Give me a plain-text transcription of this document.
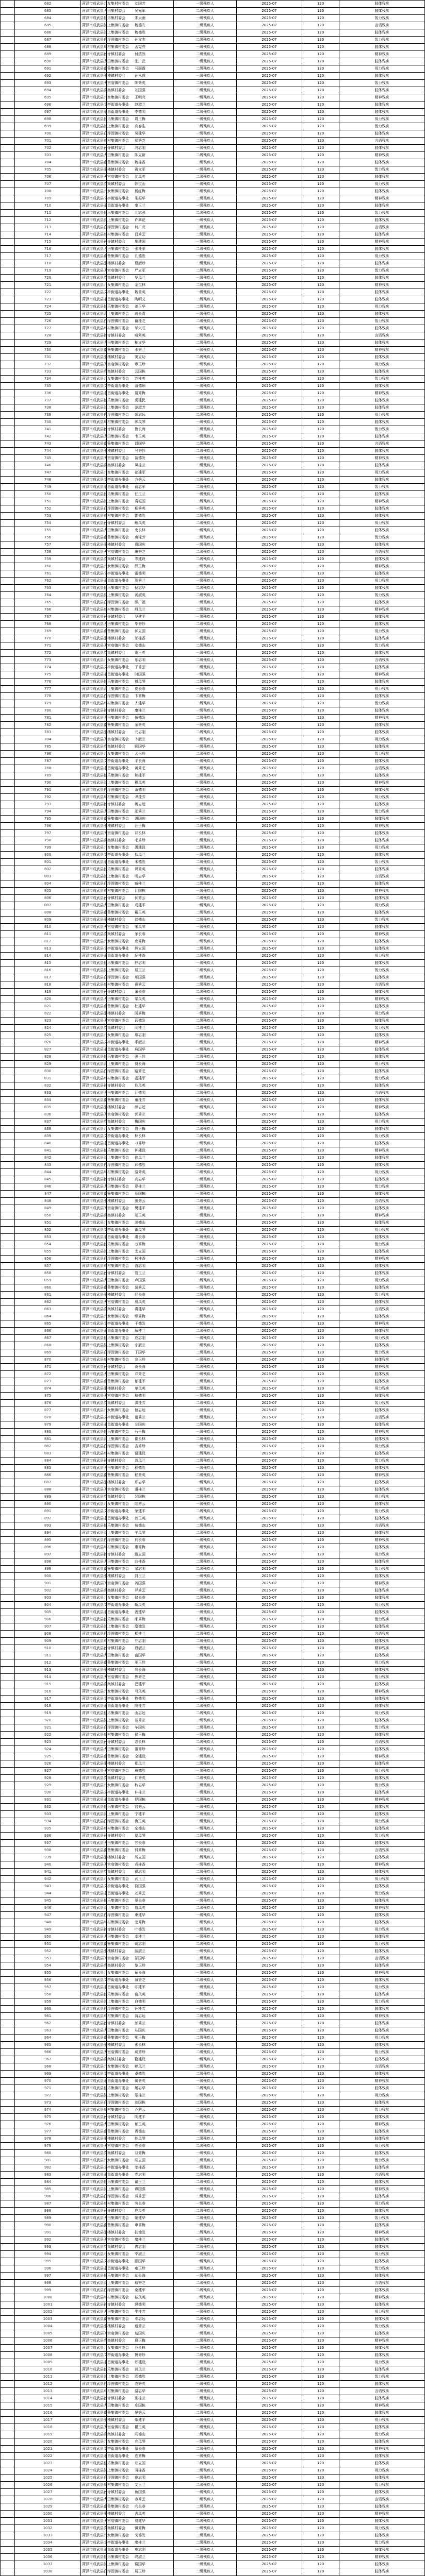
	682	菏泽市成武县九女集村村委会	刘国芳	一级残疾人	2025-07	120	肢体残疾
	683	菏泽市成武县大田集村委会	吴光军	二级残疾人	2025-07	120	肢体残疾
	684	菏泽市成武县伯乐集村委会	朱大雨	一级残疾人	2025-07	120	智力残疾
	685	菏泽市成武县汶上集镇村委会	魏德安	二级残疾人	2025-07	120	言语残疾
	686	菏泽市成武县汶上集镇村委会	魏德胜	二级残疾人	2025-07	120	肢体残疾
	687	菏泽市成武县白浮图镇村委会	孙文杰	二级残疾人	2025-07	120	智力残疾
	688	菏泽市成武县苟村集镇村委会	孟宪亮	一级残疾人	2025-07	120	肢体残疾
	689	菏泽市成武县孙寺镇村委会	付浩然	二级残疾人	2025-07	120	精神残疾
	690	菏泽市成武县大田集镇村委会	张广武	一级残疾人	2025-07	120	肢体残疾
	691	菏泽市成武县南鲁集镇村委会	马丽霞	二级残疾人	2025-07	120	视力残疾
	692	菏泽市成武县张楼镇村委会	孙永成	一级残疾人	2025-07	120	肢体残疾
	693	菏泽市成武县天宫庙镇村委会	陈秀英	二级残疾人	2025-07	120	智力残疾
	694	菏泽市成武县党集镇村委会	刘国强	二级残疾人	2025-07	120	肢体残疾
	695	菏泽市成武县九女集镇村委会	王明亮	一级残疾人	2025-07	120	精神残疾
	696	菏泽市成武县文亭街道办事处	赵淑兰	二级残疾人	2025-07	120	肢体残疾
	697	菏泽市成武县永昌街道办事处	李德明	二级残疾人	2025-07	120	肢体残疾
	698	菏泽市成武县伯乐集镇村委会	周玉梅	一级残疾人	2025-07	120	视力残疾
	699	菏泽市成武县汶上集镇村委会	高春生	二级残疾人	2025-07	120	智力残疾
	700	菏泽市成武县白浮图镇村委会	吴建华	一级残疾人	2025-07	120	肢体残疾
	701	菏泽市成武县苟村集镇村委会	郑秀芝	二级残疾人	2025-07	120	言语残疾
	702	菏泽市成武县孙寺镇村委会	冯志刚	一级残疾人	2025-07	120	肢体残疾
	703	菏泽市成武县大田集镇村委会	陈立新	二级残疾人	2025-07	120	精神残疾
	704	菏泽市成武县南鲁集镇村委会	魏桂香	二级残疾人	2025-07	120	肢体残疾
	705	菏泽市成武县张楼镇村委会	蒋文军	一级残疾人	2025-07	120	智力残疾
	706	菏泽市成武县天宫庙镇村委会	沈凤英	二级残疾人	2025-07	120	肢体残疾
	707	菏泽市成武县党集镇村委会	韩宝山	一级残疾人	2025-07	120	视力残疾
	708	菏泽市成武县九女集镇村委会	杨红梅	二级残疾人	2025-07	120	肢体残疾
	709	菏泽市成武县文亭街道办事处	朱振华	二级残疾人	2025-07	120	精神残疾
	710	菏泽市成武县永昌街道办事处	秦玉兰	一级残疾人	2025-07	120	肢体残疾
	711	菏泽市成武县伯乐集镇村委会	尤志强	二级残疾人	2025-07	120	智力残疾
	712	菏泽市成武县汶上集镇村委会	许翠花	一级残疾人	2025-07	120	肢体残疾
	713	菏泽市成武县白浮图镇村委会	何广亮	二级残疾人	2025-07	120	言语残疾
	714	菏泽市成武县苟村集镇村委会	吕秀云	二级残疾人	2025-07	120	肢体残疾
	715	菏泽市成武县孙寺镇村委会	施建国	一级残疾人	2025-07	120	精神残疾
	716	菏泽市成武县大田集镇村委会	张桂荣	二级残疾人	2025-07	120	肢体残疾
	717	菏泽市成武县南鲁集镇村委会	孔德胜	一级残疾人	2025-07	120	视力残疾
	718	菏泽市成武县张楼镇村委会	曹淑珍	二级残疾人	2025-07	120	肢体残疾
	719	菏泽市成武县天宫庙镇村委会	严立军	二级残疾人	2025-07	120	智力残疾
	720	菏泽市成武县党集镇村委会	华凤兰	一级残疾人	2025-07	120	肢体残疾
	721	菏泽市成武县九女集镇村委会	金宝林	二级残疾人	2025-07	120	精神残疾
	722	菏泽市成武县文亭街道办事处	魏秀英	一级残疾人	2025-07	120	肢体残疾
	723	菏泽市成武县永昌街道办事处	陶明义	二级残疾人	2025-07	120	肢体残疾
	724	菏泽市成武县伯乐集镇村委会	姜玉华	二级残疾人	2025-07	120	视力残疾
	725	菏泽市成武县汶上集镇村委会	戚长青	一级残疾人	2025-07	120	肢体残疾
	726	菏泽市成武县白浮图镇村委会	谢桂芝	二级残疾人	2025-07	120	智力残疾
	727	菏泽市成武县苟村集镇村委会	邹兴旺	一级残疾人	2025-07	120	肢体残疾
	728	菏泽市成武县孙寺镇村委会	喻翠英	二级残疾人	2025-07	120	言语残疾
	729	菏泽市成武县大田集镇村委会	柏文华	二级残疾人	2025-07	120	肢体残疾
	730	菏泽市成武县南鲁集镇村委会	水秀兰	一级残疾人	2025-07	120	精神残疾
	731	菏泽市成武县张楼镇村委会	窦立功	二级残疾人	2025-07	120	肢体残疾
	732	菏泽市成武县天宫庙镇村委会	章玉珍	一级残疾人	2025-07	120	视力残疾
	733	菏泽市成武县党集镇村委会	云国栋	二级残疾人	2025-07	120	肢体残疾
	734	菏泽市成武县九女集镇村委会	苏桂英	二级残疾人	2025-07	120	智力残疾
	735	菏泽市成武县文亭街道办事处	潘德顺	一级残疾人	2025-07	120	肢体残疾
	736	菏泽市成武县永昌街道办事处	葛秀梅	二级残疾人	2025-07	120	精神残疾
	737	菏泽市成武县伯乐集镇村委会	奚建民	一级残疾人	2025-07	120	肢体残疾
	738	菏泽市成武县汶上集镇村委会	范淑芳	二级残疾人	2025-07	120	肢体残疾
	739	菏泽市成武县白浮图镇村委会	彭志远	二级残疾人	2025-07	120	视力残疾
	740	菏泽市成武县苟村集镇村委会	郎凤琴	一级残疾人	2025-07	120	肢体残疾
	741	菏泽市成武县孙寺镇村委会	鲁长海	二级残疾人	2025-07	120	智力残疾
	742	菏泽市成武县大田集镇村委会	韦玉英	一级残疾人	2025-07	120	肢体残疾
	743	菏泽市成武县南鲁集镇村委会	昌国华	二级残疾人	2025-07	120	言语残疾
	744	菏泽市成武县张楼镇村委会	马秀珍	二级残疾人	2025-07	120	肢体残疾
	745	菏泽市成武县天宫庙镇村委会	苗德发	一级残疾人	2025-07	120	精神残疾
	746	菏泽市成武县党集镇村委会	凤桂兰	二级残疾人	2025-07	120	肢体残疾
	747	菏泽市成武县九女集镇村委会	花建军	一级残疾人	2025-07	120	视力残疾
	748	菏泽市成武县文亭街道办事处	方秀云	二级残疾人	2025-07	120	肢体残疾
	749	菏泽市成武县永昌街道办事处	俞志军	二级残疾人	2025-07	120	智力残疾
	750	菏泽市成武县伯乐集镇村委会	任玉兰	一级残疾人	2025-07	120	肢体残疾
	751	菏泽市成武县汶上集镇村委会	袁振国	二级残疾人	2025-07	120	精神残疾
	752	菏泽市成武县白浮图镇村委会	柳秀英	一级残疾人	2025-07	120	肢体残疾
	753	菏泽市成武县苟村集镇村委会	酆德胜	二级残疾人	2025-07	120	肢体残疾
	754	菏泽市成武县孙寺镇村委会	鲍凤英	二级残疾人	2025-07	120	视力残疾
	755	菏泽市成武县大田集镇村委会	史长林	一级残疾人	2025-07	120	肢体残疾
	756	菏泽市成武县南鲁集镇村委会	唐桂芳	二级残疾人	2025-07	120	智力残疾
	757	菏泽市成武县张楼镇村委会	费国庆	一级残疾人	2025-07	120	肢体残疾
	758	菏泽市成武县天宫庙镇村委会	廉秀芝	二级残疾人	2025-07	120	言语残疾
	759	菏泽市成武县党集镇村委会	岑建设	二级残疾人	2025-07	120	肢体残疾
	760	菏泽市成武县九女集镇村委会	薛玉梅	一级残疾人	2025-07	120	精神残疾
	761	菏泽市成武县文亭街道办事处	雷德明	二级残疾人	2025-07	120	肢体残疾
	762	菏泽市成武县永昌街道办事处	贺秀兰	一级残疾人	2025-07	120	视力残疾
	763	菏泽市成武县伯乐集镇村委会	倪志华	二级残疾人	2025-07	120	肢体残疾
	764	菏泽市成武县汶上集镇村委会	汤淑英	二级残疾人	2025-07	120	智力残疾
	765	菏泽市成武县白浮图镇村委会	滕广福	一级残疾人	2025-07	120	肢体残疾
	766	菏泽市成武县苟村集镇村委会	殷凤兰	二级残疾人	2025-07	120	精神残疾
	767	菏泽市成武县孙寺镇村委会	罗建平	一级残疾人	2025-07	120	肢体残疾
	768	菏泽市成武县大田集镇村委会	毕秀珍	二级残疾人	2025-07	120	肢体残疾
	769	菏泽市成武县南鲁集镇村委会	郝立国	二级残疾人	2025-07	120	视力残疾
	770	菏泽市成武县张楼镇村委会	邬桂香	一级残疾人	2025-07	120	肢体残疾
	771	菏泽市成武县天宫庙镇村委会	安德山	二级残疾人	2025-07	120	智力残疾
	772	菏泽市成武县党集镇村委会	常玉英	一级残疾人	2025-07	120	肢体残疾
	773	菏泽市成武县九女集镇村委会	乐志明	二级残疾人	2025-07	120	言语残疾
	774	菏泽市成武县文亭街道办事处	于秀云	二级残疾人	2025-07	120	肢体残疾
	775	菏泽市成武县永昌街道办事处	时国强	一级残疾人	2025-07	120	精神残疾
	776	菏泽市成武县伯乐集镇村委会	傅凤琴	二级残疾人	2025-07	120	肢体残疾
	777	菏泽市成武县汶上集镇村委会	皮长春	一级残疾人	2025-07	120	视力残疾
	778	菏泽市成武县白浮图镇村委会	卞秀梅	二级残疾人	2025-07	120	肢体残疾
	779	菏泽市成武县苟村集镇村委会	齐建华	二级残疾人	2025-07	120	智力残疾
	780	菏泽市成武县孙寺镇村委会	康桂兰	一级残疾人	2025-07	120	肢体残疾
	781	菏泽市成武县大田集镇村委会	伍德发	二级残疾人	2025-07	120	精神残疾
	782	菏泽市成武县南鲁集镇村委会	余秀英	一级残疾人	2025-07	120	肢体残疾
	783	菏泽市成武县张楼镇村委会	元志刚	二级残疾人	2025-07	120	肢体残疾
	784	菏泽市成武县天宫庙镇村委会	卜淑兰	二级残疾人	2025-07	120	视力残疾
	785	菏泽市成武县党集镇村委会	顾国华	一级残疾人	2025-07	120	肢体残疾
	786	菏泽市成武县九女集镇村委会	孟玉珍	二级残疾人	2025-07	120	智力残疾
	787	菏泽市成武县文亭街道办事处	平长海	一级残疾人	2025-07	120	肢体残疾
	788	菏泽市成武县永昌街道办事处	黄秀芝	二级残疾人	2025-07	120	言语残疾
	789	菏泽市成武县伯乐集镇村委会	和建军	二级残疾人	2025-07	120	肢体残疾
	790	菏泽市成武县汶上集镇村委会	穆凤英	一级残疾人	2025-07	120	精神残疾
	791	菏泽市成武县白浮图镇村委会	萧德明	二级残疾人	2025-07	120	肢体残疾
	792	菏泽市成武县苟村集镇村委会	尹桂芳	一级残疾人	2025-07	120	视力残疾
	793	菏泽市成武县孙寺镇村委会	姚志远	二级残疾人	2025-07	120	肢体残疾
	794	菏泽市成武县大田集镇村委会	邵秀兰	二级残疾人	2025-07	120	智力残疾
	795	菏泽市成武县南鲁集镇村委会	湛国庆	一级残疾人	2025-07	120	肢体残疾
	796	菏泽市成武县张楼镇村委会	汪玉梅	二级残疾人	2025-07	120	精神残疾
	797	菏泽市成武县天宫庙镇村委会	祁长林	一级残疾人	2025-07	120	肢体残疾
	798	菏泽市成武县党集镇村委会	毛秀珍	二级残疾人	2025-07	120	肢体残疾
	799	菏泽市成武县九女集镇村委会	禹建设	二级残疾人	2025-07	120	视力残疾
	800	菏泽市成武县文亭街道办事处	狄凤兰	一级残疾人	2025-07	120	肢体残疾
	801	菏泽市成武县永昌街道办事处	米德胜	二级残疾人	2025-07	120	智力残疾
	802	菏泽市成武县伯乐集镇村委会	贝秀英	一级残疾人	2025-07	120	肢体残疾
	803	菏泽市成武县汶上集镇村委会	明志华	二级残疾人	2025-07	120	言语残疾
	804	菏泽市成武县白浮图镇村委会	臧桂兰	二级残疾人	2025-07	120	肢体残疾
	805	菏泽市成武县苟村集镇村委会	计国栋	一级残疾人	2025-07	120	精神残疾
	806	菏泽市成武县孙寺镇村委会	伏秀云	二级残疾人	2025-07	120	肢体残疾
	807	菏泽市成武县大田集镇村委会	成建平	一级残疾人	2025-07	120	视力残疾
	808	菏泽市成武县南鲁集镇村委会	戴玉英	二级残疾人	2025-07	120	肢体残疾
	809	菏泽市成武县张楼镇村委会	谈德山	二级残疾人	2025-07	120	智力残疾
	810	菏泽市成武县天宫庙镇村委会	宋凤琴	一级残疾人	2025-07	120	肢体残疾
	811	菏泽市成武县党集镇村委会	茅长春	二级残疾人	2025-07	120	精神残疾
	812	菏泽市成武县九女集镇村委会	庞秀梅	一级残疾人	2025-07	120	肢体残疾
	813	菏泽市成武县文亭街道办事处	熊立国	二级残疾人	2025-07	120	肢体残疾
	814	菏泽市成武县永昌街道办事处	纪桂香	二级残疾人	2025-07	120	视力残疾
	815	菏泽市成武县伯乐集镇村委会	舒志明	一级残疾人	2025-07	120	肢体残疾
	816	菏泽市成武县汶上集镇村委会	屈玉兰	二级残疾人	2025-07	120	智力残疾
	817	菏泽市成武县白浮图镇村委会	项国强	一级残疾人	2025-07	120	肢体残疾
	818	菏泽市成武县苟村集镇村委会	祝秀云	二级残疾人	2025-07	120	言语残疾
	819	菏泽市成武县孙寺镇村委会	董长春	二级残疾人	2025-07	120	肢体残疾
	820	菏泽市成武县大田集镇村委会	梁凤英	一级残疾人	2025-07	120	精神残疾
	821	菏泽市成武县南鲁集镇村委会	杜建华	二级残疾人	2025-07	120	肢体残疾
	822	菏泽市成武县张楼镇村委会	阮秀梅	一级残疾人	2025-07	120	视力残疾
	823	菏泽市成武县天宫庙镇村委会	蓝德发	二级残疾人	2025-07	120	肢体残疾
	824	菏泽市成武县党集镇村委会	闵桂兰	二级残疾人	2025-07	120	智力残疾
	825	菏泽市成武县九女集镇村委会	席志刚	一级残疾人	2025-07	120	肢体残疾
	826	菏泽市成武县文亭街道办事处	季淑兰	二级残疾人	2025-07	120	精神残疾
	827	菏泽市成武县永昌街道办事处	麻国华	一级残疾人	2025-07	120	肢体残疾
	828	菏泽市成武县伯乐集镇村委会	强玉珍	二级残疾人	2025-07	120	肢体残疾
	829	菏泽市成武县汶上集镇村委会	贾长海	二级残疾人	2025-07	120	视力残疾
	830	菏泽市成武县白浮图镇村委会	路秀芝	一级残疾人	2025-07	120	肢体残疾
	831	菏泽市成武县苟村集镇村委会	娄建军	二级残疾人	2025-07	120	智力残疾
	832	菏泽市成武县孙寺镇村委会	危凤英	一级残疾人	2025-07	120	肢体残疾
	833	菏泽市成武县大田集镇村委会	江德明	二级残疾人	2025-07	120	言语残疾
	834	菏泽市成武县南鲁集镇村委会	童桂芳	二级残疾人	2025-07	120	肢体残疾
	835	菏泽市成武县张楼镇村委会	颜志远	一级残疾人	2025-07	120	精神残疾
	836	菏泽市成武县天宫庙镇村委会	郭秀兰	二级残疾人	2025-07	120	肢体残疾
	837	菏泽市成武县党集镇村委会	梅国庆	一级残疾人	2025-07	120	视力残疾
	838	菏泽市成武县九女集镇村委会	盛玉梅	二级残疾人	2025-07	120	肢体残疾
	839	菏泽市成武县文亭街道办事处	林长林	二级残疾人	2025-07	120	智力残疾
	840	菏泽市成武县永昌街道办事处	刁秀珍	一级残疾人	2025-07	120	肢体残疾
	841	菏泽市成武县伯乐集镇村委会	钟建设	二级残疾人	2025-07	120	精神残疾
	842	菏泽市成武县汶上集镇村委会	徐凤兰	一级残疾人	2025-07	120	肢体残疾
	843	菏泽市成武县白浮图镇村委会	邱德胜	二级残疾人	2025-07	120	肢体残疾
	844	菏泽市成武县苟村集镇村委会	骆秀英	二级残疾人	2025-07	120	视力残疾
	845	菏泽市成武县孙寺镇村委会	高志华	一级残疾人	2025-07	120	肢体残疾
	846	菏泽市成武县大田集镇村委会	夏桂兰	二级残疾人	2025-07	120	智力残疾
	847	菏泽市成武县南鲁集镇村委会	蔡国栋	一级残疾人	2025-07	120	肢体残疾
	848	菏泽市成武县张楼镇村委会	田秀云	二级残疾人	2025-07	120	言语残疾
	849	菏泽市成武县天宫庙镇村委会	樊建平	二级残疾人	2025-07	120	肢体残疾
	850	菏泽市成武县党集镇村委会	胡玉英	一级残疾人	2025-07	120	精神残疾
	851	菏泽市成武县九女集镇村委会	凌德山	二级残疾人	2025-07	120	肢体残疾
	852	菏泽市成武县文亭街道办事处	霍凤琴	一级残疾人	2025-07	120	视力残疾
	853	菏泽市成武县永昌街道办事处	虞长春	二级残疾人	2025-07	120	肢体残疾
	854	菏泽市成武县伯乐集镇村委会	万秀梅	二级残疾人	2025-07	120	智力残疾
	855	菏泽市成武县汶上集镇村委会	支立国	一级残疾人	2025-07	120	肢体残疾
	856	菏泽市成武县白浮图镇村委会	柯桂香	二级残疾人	2025-07	120	精神残疾
	857	菏泽市成武县苟村集镇村委会	昝志明	一级残疾人	2025-07	120	肢体残疾
	858	菏泽市成武县孙寺镇村委会	管玉兰	二级残疾人	2025-07	120	肢体残疾
	859	菏泽市成武县大田集镇村委会	卢国强	二级残疾人	2025-07	120	视力残疾
	860	菏泽市成武县南鲁集镇村委会	莫秀云	一级残疾人	2025-07	120	肢体残疾
	861	菏泽市成武县张楼镇村委会	经长春	二级残疾人	2025-07	120	智力残疾
	862	菏泽市成武县天宫庙镇村委会	房凤英	一级残疾人	2025-07	120	肢体残疾
	863	菏泽市成武县党集镇村委会	裘建华	二级残疾人	2025-07	120	言语残疾
	864	菏泽市成武县九女集镇村委会	缪秀梅	二级残疾人	2025-07	120	肢体残疾
	865	菏泽市成武县文亭街道办事处	干德发	一级残疾人	2025-07	120	精神残疾
	866	菏泽市成武县永昌街道办事处	解桂兰	二级残疾人	2025-07	120	肢体残疾
	867	菏泽市成武县伯乐集镇村委会	应志刚	一级残疾人	2025-07	120	视力残疾
	868	菏泽市成武县汶上集镇村委会	宗淑兰	二级残疾人	2025-07	120	肢体残疾
	869	菏泽市成武县白浮图镇村委会	丁国华	二级残疾人	2025-07	120	智力残疾
	870	菏泽市成武县苟村集镇村委会	宣玉珍	一级残疾人	2025-07	120	肢体残疾
	871	菏泽市成武县孙寺镇村委会	贲长海	二级残疾人	2025-07	120	精神残疾
	872	菏泽市成武县大田集镇村委会	邓秀芝	一级残疾人	2025-07	120	肢体残疾
	873	菏泽市成武县南鲁集镇村委会	郁建军	二级残疾人	2025-07	120	肢体残疾
	874	菏泽市成武县张楼镇村委会	单凤英	二级残疾人	2025-07	120	视力残疾
	875	菏泽市成武县天宫庙镇村委会	杭德明	一级残疾人	2025-07	120	肢体残疾
	876	菏泽市成武县党集镇村委会	洪桂芳	二级残疾人	2025-07	120	智力残疾
	877	菏泽市成武县九女集镇村委会	包志远	一级残疾人	2025-07	120	肢体残疾
	878	菏泽市成武县文亭街道办事处	诸秀兰	二级残疾人	2025-07	120	言语残疾
	879	菏泽市成武县永昌街道办事处	左国庆	二级残疾人	2025-07	120	肢体残疾
	880	菏泽市成武县伯乐集镇村委会	石玉梅	一级残疾人	2025-07	120	精神残疾
	881	菏泽市成武县汶上集镇村委会	崔长林	二级残疾人	2025-07	120	肢体残疾
	882	菏泽市成武县白浮图镇村委会	吉秀珍	一级残疾人	2025-07	120	视力残疾
	883	菏泽市成武县苟村集镇村委会	钮建设	二级残疾人	2025-07	120	肢体残疾
	884	菏泽市成武县孙寺镇村委会	龚凤兰	二级残疾人	2025-07	120	智力残疾
	885	菏泽市成武县大田集镇村委会	程德胜	一级残疾人	2025-07	120	肢体残疾
	886	菏泽市成武县南鲁集镇村委会	嵇秀英	二级残疾人	2025-07	120	精神残疾
	887	菏泽市成武县张楼镇村委会	邢志华	一级残疾人	2025-07	120	肢体残疾
	888	菏泽市成武县天宫庙镇村委会	滑桂兰	二级残疾人	2025-07	120	肢体残疾
	889	菏泽市成武县党集镇村委会	裴国栋	二级残疾人	2025-07	120	视力残疾
	890	菏泽市成武县九女集镇村委会	陆秀云	一级残疾人	2025-07	120	肢体残疾
	891	菏泽市成武县文亭街道办事处	荣建平	二级残疾人	2025-07	120	智力残疾
	892	菏泽市成武县永昌街道办事处	翁玉英	一级残疾人	2025-07	120	肢体残疾
	893	菏泽市成武县伯乐集镇村委会	荀德山	二级残疾人	2025-07	120	言语残疾
	894	菏泽市成武县汶上集镇村委会	羊凤琴	二级残疾人	2025-07	120	肢体残疾
	895	菏泽市成武县白浮图镇村委会	於长春	一级残疾人	2025-07	120	精神残疾
	896	菏泽市成武县苟村集镇村委会	惠秀梅	二级残疾人	2025-07	120	肢体残疾
	897	菏泽市成武县孙寺镇村委会	甄立国	一级残疾人	2025-07	120	视力残疾
	898	菏泽市成武县大田集镇村委会	曲桂香	二级残疾人	2025-07	120	肢体残疾
	899	菏泽市成武县南鲁集镇村委会	家志明	二级残疾人	2025-07	120	智力残疾
	900	菏泽市成武县张楼镇村委会	封玉兰	一级残疾人	2025-07	120	肢体残疾
	901	菏泽市成武县天宫庙镇村委会	芮国强	二级残疾人	2025-07	120	精神残疾
	902	菏泽市成武县党集镇村委会	羿秀云	一级残疾人	2025-07	120	肢体残疾
	903	菏泽市成武县九女集镇村委会	储长春	二级残疾人	2025-07	120	肢体残疾
	904	菏泽市成武县文亭街道办事处	靳凤英	二级残疾人	2025-07	120	视力残疾
	905	菏泽市成武县永昌街道办事处	汲建华	一级残疾人	2025-07	120	肢体残疾
	906	菏泽市成武县伯乐集镇村委会	邴秀梅	二级残疾人	2025-07	120	智力残疾
	907	菏泽市成武县汶上集镇村委会	糜德发	一级残疾人	2025-07	120	肢体残疾
	908	菏泽市成武县白浮图镇村委会	松桂兰	二级残疾人	2025-07	120	言语残疾
	909	菏泽市成武县苟村集镇村委会	井志刚	二级残疾人	2025-07	120	肢体残疾
	910	菏泽市成武县孙寺镇村委会	段淑兰	一级残疾人	2025-07	120	精神残疾
	911	菏泽市成武县大田集镇村委会	富国华	二级残疾人	2025-07	120	肢体残疾
	912	菏泽市成武县南鲁集镇村委会	巫玉珍	一级残疾人	2025-07	120	视力残疾
	913	菏泽市成武县张楼镇村委会	乌长海	二级残疾人	2025-07	120	肢体残疾
	914	菏泽市成武县天宫庙镇村委会	焦秀芝	二级残疾人	2025-07	120	智力残疾
	915	菏泽市成武县党集镇村委会	巴建军	一级残疾人	2025-07	120	肢体残疾
	916	菏泽市成武县九女集镇村委会	弓凤英	二级残疾人	2025-07	120	精神残疾
	917	菏泽市成武县文亭街道办事处	牧德明	一级残疾人	2025-07	120	肢体残疾
	918	菏泽市成武县永昌街道办事处	隗桂芳	二级残疾人	2025-07	120	肢体残疾
	919	菏泽市成武县伯乐集镇村委会	山志远	二级残疾人	2025-07	120	视力残疾
	920	菏泽市成武县汶上集镇村委会	谷秀兰	一级残疾人	2025-07	120	肢体残疾
	921	菏泽市成武县白浮图镇村委会	车国庆	二级残疾人	2025-07	120	智力残疾
	922	菏泽市成武县苟村集镇村委会	侯玉梅	一级残疾人	2025-07	120	肢体残疾
	923	菏泽市成武县孙寺镇村委会	宓长林	二级残疾人	2025-07	120	言语残疾
	924	菏泽市成武县大田集镇村委会	蓬秀珍	二级残疾人	2025-07	120	肢体残疾
	925	菏泽市成武县南鲁集镇村委会	全建设	一级残疾人	2025-07	120	精神残疾
	926	菏泽市成武县张楼镇村委会	郗凤兰	二级残疾人	2025-07	120	肢体残疾
	927	菏泽市成武县天宫庙镇村委会	班德胜	一级残疾人	2025-07	120	视力残疾
	928	菏泽市成武县党集镇村委会	仰秀英	二级残疾人	2025-07	120	肢体残疾
	929	菏泽市成武县九女集镇村委会	秋志华	二级残疾人	2025-07	120	智力残疾
	930	菏泽市成武县文亭街道办事处	仲桂兰	一级残疾人	2025-07	120	肢体残疾
	931	菏泽市成武县永昌街道办事处	伊国栋	二级残疾人	2025-07	120	精神残疾
	932	菏泽市成武县伯乐集镇村委会	宫秀云	一级残疾人	2025-07	120	肢体残疾
	933	菏泽市成武县汶上集镇村委会	宁建平	二级残疾人	2025-07	120	肢体残疾
	934	菏泽市成武县白浮图镇村委会	仇玉英	二级残疾人	2025-07	120	视力残疾
	935	菏泽市成武县苟村集镇村委会	栾德山	一级残疾人	2025-07	120	肢体残疾
	936	菏泽市成武县孙寺镇村委会	暴凤琴	二级残疾人	2025-07	120	智力残疾
	937	菏泽市成武县大田集镇村委会	甘长春	一级残疾人	2025-07	120	肢体残疾
	938	菏泽市成武县南鲁集镇村委会	钭秀梅	二级残疾人	2025-07	120	言语残疾
	939	菏泽市成武县张楼镇村委会	厉立国	二级残疾人	2025-07	120	肢体残疾
	940	菏泽市成武县天宫庙镇村委会	戎桂香	一级残疾人	2025-07	120	精神残疾
	941	菏泽市成武县党集镇村委会	祖志明	二级残疾人	2025-07	120	肢体残疾
	942	菏泽市成武县九女集镇村委会	武玉兰	一级残疾人	2025-07	120	视力残疾
	943	菏泽市成武县文亭街道办事处	符国强	二级残疾人	2025-07	120	肢体残疾
	944	菏泽市成武县永昌街道办事处	刘秀云	二级残疾人	2025-07	120	智力残疾
	945	菏泽市成武县伯乐集镇村委会	景长春	一级残疾人	2025-07	120	肢体残疾
	946	菏泽市成武县汶上集镇村委会	詹凤英	二级残疾人	2025-07	120	精神残疾
	947	菏泽市成武县白浮图镇村委会	束建华	一级残疾人	2025-07	120	肢体残疾
	948	菏泽市成武县苟村集镇村委会	龙秀梅	二级残疾人	2025-07	120	肢体残疾
	949	菏泽市成武县孙寺镇村委会	叶德发	二级残疾人	2025-07	120	视力残疾
	950	菏泽市成武县大田集镇村委会	幸桂兰	一级残疾人	2025-07	120	肢体残疾
	951	菏泽市成武县南鲁集镇村委会	司志刚	二级残疾人	2025-07	120	智力残疾
	952	菏泽市成武县张楼镇村委会	韶淑兰	一级残疾人	2025-07	120	肢体残疾
	953	菏泽市成武县天宫庙镇村委会	郜国华	二级残疾人	2025-07	120	言语残疾
	954	菏泽市成武县党集镇村委会	黎玉珍	二级残疾人	2025-07	120	肢体残疾
	955	菏泽市成武县九女集镇村委会	蓟长海	一级残疾人	2025-07	120	精神残疾
	956	菏泽市成武县文亭街道办事处	薄秀芝	二级残疾人	2025-07	120	肢体残疾
	957	菏泽市成武县永昌街道办事处	印建军	一级残疾人	2025-07	120	视力残疾
	958	菏泽市成武县伯乐集镇村委会	宿凤英	二级残疾人	2025-07	120	肢体残疾
	959	菏泽市成武县汶上集镇村委会	白德明	二级残疾人	2025-07	120	智力残疾
	960	菏泽市成武县白浮图镇村委会	怀桂芳	一级残疾人	2025-07	120	肢体残疾
	961	菏泽市成武县苟村集镇村委会	蒲志远	二级残疾人	2025-07	120	精神残疾
	962	菏泽市成武县孙寺镇村委会	邰秀兰	一级残疾人	2025-07	120	肢体残疾
	963	菏泽市成武县大田集镇村委会	从国庆	二级残疾人	2025-07	120	肢体残疾
	964	菏泽市成武县南鲁集镇村委会	鄂玉梅	二级残疾人	2025-07	120	视力残疾
	965	菏泽市成武县张楼镇村委会	索长林	一级残疾人	2025-07	120	肢体残疾
	966	菏泽市成武县天宫庙镇村委会	咸秀珍	二级残疾人	2025-07	120	智力残疾
	967	菏泽市成武县党集镇村委会	籍建设	一级残疾人	2025-07	120	肢体残疾
	968	菏泽市成武县九女集镇村委会	赖凤兰	二级残疾人	2025-07	120	言语残疾
	969	菏泽市成武县文亭街道办事处	卓德胜	二级残疾人	2025-07	120	肢体残疾
	970	菏泽市成武县永昌街道办事处	蔺秀英	一级残疾人	2025-07	120	精神残疾
	971	菏泽市成武县伯乐集镇村委会	屠志华	二级残疾人	2025-07	120	肢体残疾
	972	菏泽市成武县汶上集镇村委会	蒙桂兰	一级残疾人	2025-07	120	视力残疾
	973	菏泽市成武县白浮图镇村委会	池国栋	二级残疾人	2025-07	120	肢体残疾
	974	菏泽市成武县苟村集镇村委会	乔秀云	二级残疾人	2025-07	120	智力残疾
	975	菏泽市成武县孙寺镇村委会	阴建平	一级残疾人	2025-07	120	肢体残疾
	976	菏泽市成武县大田集镇村委会	郁玉英	二级残疾人	2025-07	120	精神残疾
	977	菏泽市成武县南鲁集镇村委会	胥德山	一级残疾人	2025-07	120	肢体残疾
	978	菏泽市成武县张楼镇村委会	能凤琴	二级残疾人	2025-07	120	肢体残疾
	979	菏泽市成武县天宫庙镇村委会	苍长春	二级残疾人	2025-07	120	视力残疾
	980	菏泽市成武县党集镇村委会	双秀梅	一级残疾人	2025-07	120	肢体残疾
	981	菏泽市成武县九女集镇村委会	闻立国	二级残疾人	2025-07	120	智力残疾
	982	菏泽市成武县文亭街道办事处	莘桂香	一级残疾人	2025-07	120	肢体残疾
	983	菏泽市成武县永昌街道办事处	党志明	二级残疾人	2025-07	120	言语残疾
	984	菏泽市成武县伯乐集镇村委会	翟玉兰	二级残疾人	2025-07	120	肢体残疾
	985	菏泽市成武县汶上集镇村委会	谭国强	一级残疾人	2025-07	120	精神残疾
	986	菏泽市成武县白浮图镇村委会	贡秀云	二级残疾人	2025-07	120	肢体残疾
	987	菏泽市成武县苟村集镇村委会	劳长春	一级残疾人	2025-07	120	视力残疾
	988	菏泽市成武县孙寺镇村委会	逄凤英	二级残疾人	2025-07	120	肢体残疾
	989	菏泽市成武县大田集镇村委会	姬建华	二级残疾人	2025-07	120	智力残疾
	990	菏泽市成武县南鲁集镇村委会	申秀梅	一级残疾人	2025-07	120	肢体残疾
	991	菏泽市成武县张楼镇村委会	扶德发	二级残疾人	2025-07	120	精神残疾
	992	菏泽市成武县天宫庙镇村委会	堵桂兰	一级残疾人	2025-07	120	肢体残疾
	993	菏泽市成武县党集镇村委会	冉志刚	二级残疾人	2025-07	120	肢体残疾
	994	菏泽市成武县九女集镇村委会	宰淑兰	二级残疾人	2025-07	120	视力残疾
	995	菏泽市成武县文亭街道办事处	郦国华	一级残疾人	2025-07	120	肢体残疾
	996	菏泽市成武县永昌街道办事处	雍玉珍	二级残疾人	2025-07	120	智力残疾
	997	菏泽市成武县伯乐集镇村委会	却长海	一级残疾人	2025-07	120	肢体残疾
	998	菏泽市成武县汶上集镇村委会	璩秀芝	二级残疾人	2025-07	120	言语残疾
	999	菏泽市成武县白浮图镇村委会	桑建军	二级残疾人	2025-07	120	肢体残疾
	1000	菏泽市成武县苟村集镇村委会	桂凤英	一级残疾人	2025-07	120	精神残疾
	1001	菏泽市成武县孙寺镇村委会	濮德明	二级残疾人	2025-07	120	肢体残疾
	1002	菏泽市成武县大田集镇村委会	牛桂芳	一级残疾人	2025-07	120	视力残疾
	1003	菏泽市成武县南鲁集镇村委会	寿志远	二级残疾人	2025-07	120	肢体残疾
	1004	菏泽市成武县张楼镇村委会	通秀兰	二级残疾人	2025-07	120	智力残疾
	1005	菏泽市成武县天宫庙镇村委会	边国庆	一级残疾人	2025-07	120	肢体残疾
	1006	菏泽市成武县党集镇村委会	扈玉梅	二级残疾人	2025-07	120	精神残疾
	1007	菏泽市成武县九女集镇村委会	燕长林	一级残疾人	2025-07	120	肢体残疾
	1008	菏泽市成武县文亭街道办事处	冀秀珍	二级残疾人	2025-07	120	肢体残疾
	1009	菏泽市成武县永昌街道办事处	郏建设	二级残疾人	2025-07	120	视力残疾
	1010	菏泽市成武县伯乐集镇村委会	浦凤兰	一级残疾人	2025-07	120	肢体残疾
	1011	菏泽市成武县汶上集镇村委会	尚德胜	二级残疾人	2025-07	120	智力残疾
	1012	菏泽市成武县白浮图镇村委会	农秀英	一级残疾人	2025-07	120	肢体残疾
	1013	菏泽市成武县苟村集镇村委会	温志华	二级残疾人	2025-07	120	言语残疾
	1014	菏泽市成武县孙寺镇村委会	别桂兰	二级残疾人	2025-07	120	肢体残疾
	1015	菏泽市成武县大田集镇村委会	庄国栋	一级残疾人	2025-07	120	精神残疾
	1016	菏泽市成武县南鲁集镇村委会	晏秀云	二级残疾人	2025-07	120	肢体残疾
	1017	菏泽市成武县张楼镇村委会	柴建平	一级残疾人	2025-07	120	视力残疾
	1018	菏泽市成武县天宫庙镇村委会	瞿玉英	二级残疾人	2025-07	120	肢体残疾
	1019	菏泽市成武县党集镇村委会	阎德山	二级残疾人	2025-07	120	智力残疾
	1020	菏泽市成武县九女集镇村委会	充凤琴	一级残疾人	2025-07	120	肢体残疾
	1021	菏泽市成武县文亭街道办事处	慕长春	二级残疾人	2025-07	120	精神残疾
	1022	菏泽市成武县永昌街道办事处	连秀梅	一级残疾人	2025-07	120	肢体残疾
	1023	菏泽市成武县伯乐集镇村委会	茹立国	二级残疾人	2025-07	120	肢体残疾
	1024	菏泽市成武县汶上集镇村委会	习桂香	二级残疾人	2025-07	120	视力残疾
	1025	菏泽市成武县白浮图镇村委会	宦志明	一级残疾人	2025-07	120	肢体残疾
	1026	菏泽市成武县苟村集镇村委会	艾玉兰	二级残疾人	2025-07	120	智力残疾
	1027	菏泽市成武县孙寺镇村委会	鱼国强	一级残疾人	2025-07	120	肢体残疾
	1028	菏泽市成武县大田集镇村委会	容秀云	二级残疾人	2025-07	120	言语残疾
	1029	菏泽市成武县南鲁集镇村委会	向长春	二级残疾人	2025-07	120	肢体残疾
	1030	菏泽市成武县张楼镇村委会	古凤英	一级残疾人	2025-07	120	精神残疾
	1031	菏泽市成武县天宫庙镇村委会	易建华	二级残疾人	2025-07	120	肢体残疾
	1032	菏泽市成武县党集镇村委会	慎秀梅	一级残疾人	2025-07	120	视力残疾
	1033	菏泽市成武县九女集镇村委会	戈德发	二级残疾人	2025-07	120	肢体残疾
	1034	菏泽市成武县文亭街道办事处	廖桂兰	二级残疾人	2025-07	120	智力残疾
	1035	菏泽市成武县永昌街道办事处	庾志刚	一级残疾人	2025-07	120	肢体残疾
	1036	菏泽市成武县伯乐集镇村委会	终淑兰	二级残疾人	2025-07	120	精神残疾
	1037	菏泽市成武县汶上集镇村委会	暨国华	一级残疾人	2025-07	120	肢体残疾
	1038	菏泽市成武县白浮图镇村委会	居玉珍	二级残疾人	2025-07	120	肢体残疾
